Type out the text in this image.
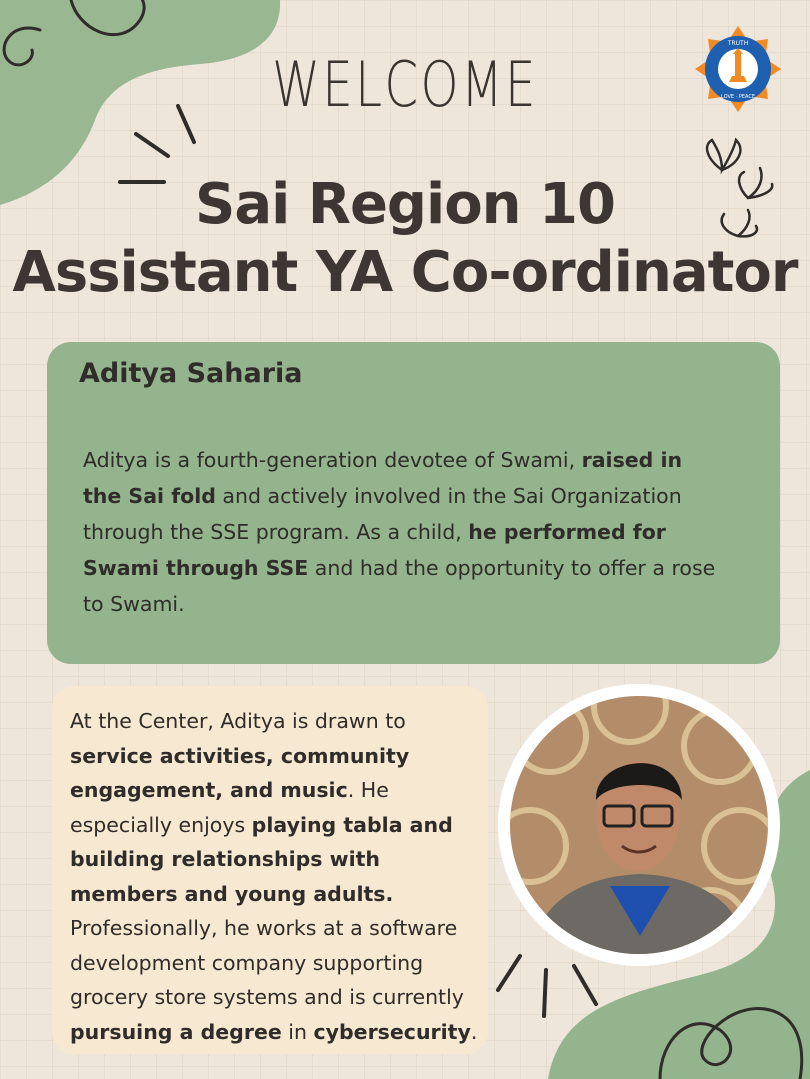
TRUTH
LOVE · PEACE
WELCOME
Sai Region 10
Assistant YA Co-ordinator
Aditya Saharia
Aditya is a fourth-generation devotee of Swami, raised in the Sai fold and actively involved in the Sai Organization through the SSE program. As a child, he performed for Swami through SSE and had the opportunity to offer a rose to Swami.
At the Center, Aditya is drawn to service activities, community engagement, and music. He especially enjoys playing tabla and building relationships with members and young adults. Professionally, he works at a software development company supporting grocery store systems and is currently pursuing a degree in cybersecurity.
